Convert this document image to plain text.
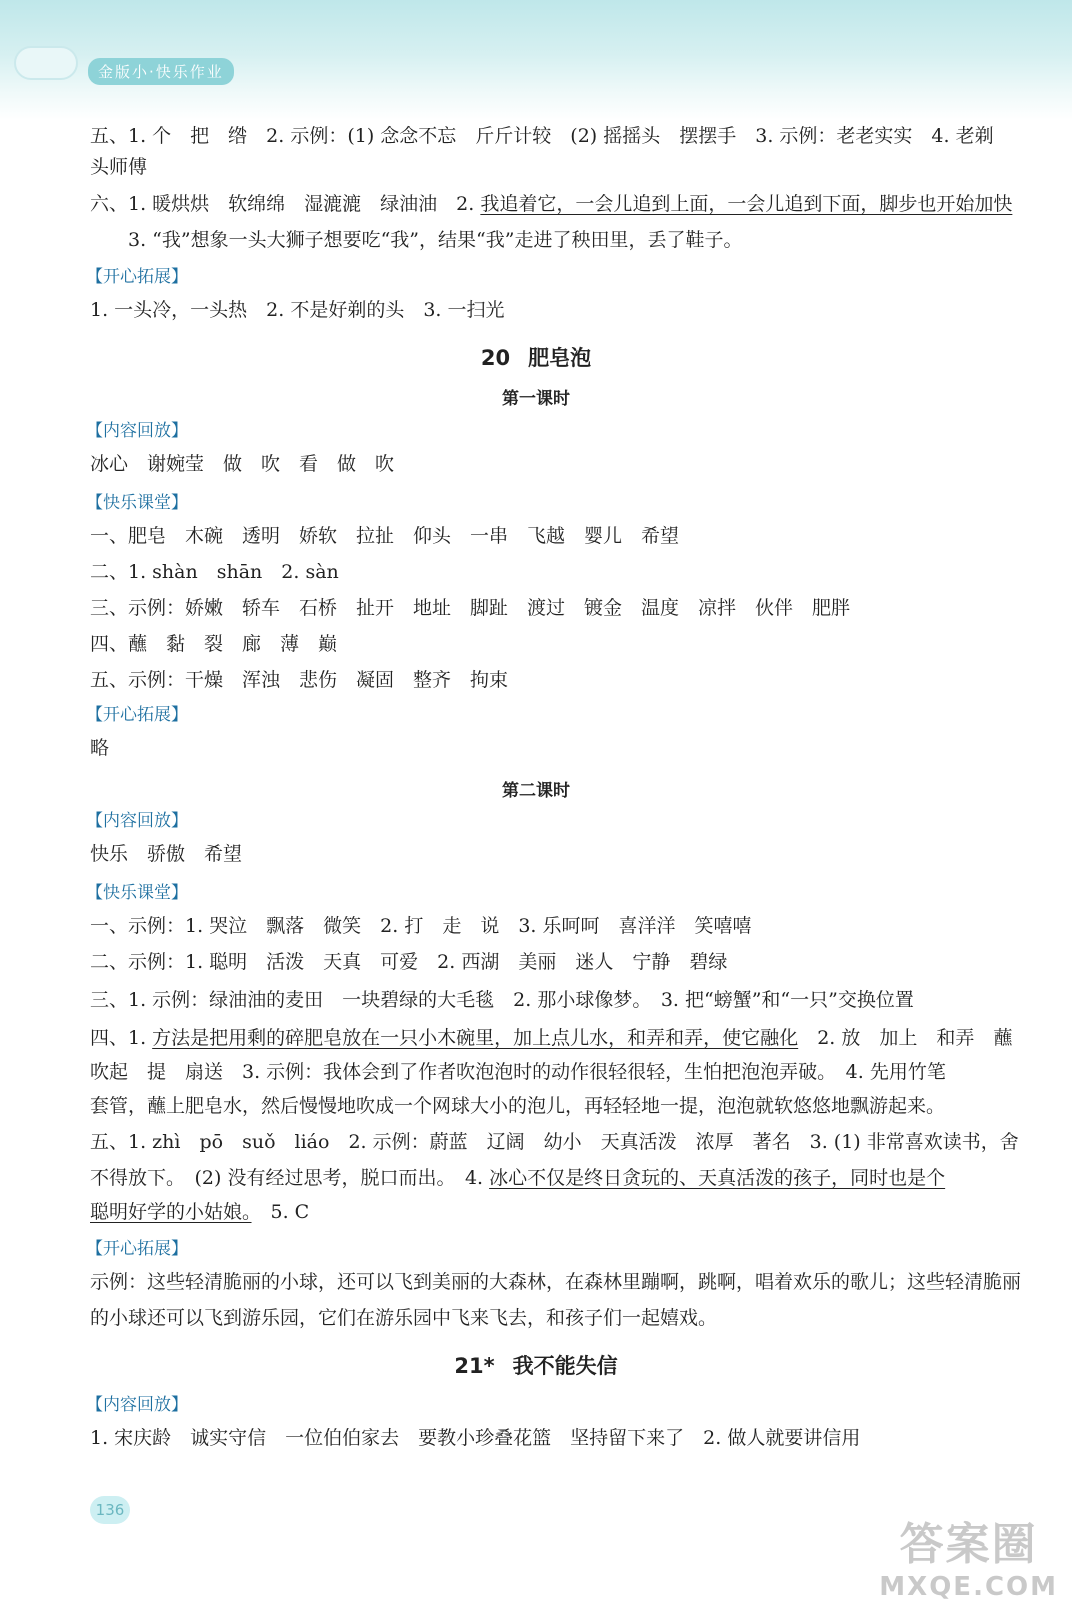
金版小·快乐作业
五、1. 个　把　绺　2. 示例：(1) 念念不忘　斤斤计较　(2) 摇摇头　摆摆手　3. 示例：老老实实　4. 老剃
头师傅
六、1. 暖烘烘　软绵绵　湿漉漉　绿油油　2. 我追着它，一会儿追到上面，一会儿追到下面，脚步也开始加快
3. “我”想象一头大狮子想要吃“我”，结果“我”走进了秧田里，丢了鞋子。
【开心拓展】
1. 一头冷，一头热　2. 不是好剃的头　3. 一扫光
20 肥皂泡
第一课时
【内容回放】
冰心　谢婉莹　做　吹　看　做　吹
【快乐课堂】
一、肥皂　木碗　透明　娇软　拉扯　仰头　一串　飞越　婴儿　希望
二、1. shàn　shān　2. sàn
三、示例：娇嫩　轿车　石桥　扯开　地址　脚趾　渡过　镀金　温度　凉拌　伙伴　肥胖
四、蘸　黏　裂　廊　薄　巅
五、示例：干燥　浑浊　悲伤　凝固　整齐　拘束
【开心拓展】
略
第二课时
【内容回放】
快乐　骄傲　希望
【快乐课堂】
一、示例：1. 哭泣　飘落　微笑　2. 打　走　说　3. 乐呵呵　喜洋洋　笑嘻嘻
二、示例：1. 聪明　活泼　天真　可爱　2. 西湖　美丽　迷人　宁静　碧绿
三、1. 示例：绿油油的麦田　一块碧绿的大毛毯　2. 那小球像梦。　3. 把“螃蟹”和“一只”交换位置
四、1. 方法是把用剩的碎肥皂放在一只小木碗里，加上点儿水，和弄和弄，使它融化　2. 放　加上　和弄　蘸
吹起　提　扇送　3. 示例：我体会到了作者吹泡泡时的动作很轻很轻，生怕把泡泡弄破。　4. 先用竹笔
套管，蘸上肥皂水，然后慢慢地吹成一个网球大小的泡儿，再轻轻地一提，泡泡就软悠悠地飘游起来。
五、1. zhì　pō　suǒ　liáo　2. 示例：蔚蓝　辽阔　幼小　天真活泼　浓厚　著名　3. (1) 非常喜欢读书，舍
不得放下。　(2) 没有经过思考，脱口而出。　4. 冰心不仅是终日贪玩的、天真活泼的孩子，同时也是个
聪明好学的小姑娘。　5. C
【开心拓展】
示例：这些轻清脆丽的小球，还可以飞到美丽的大森林，在森林里蹦啊，跳啊，唱着欢乐的歌儿；这些轻清脆丽
的小球还可以飞到游乐园，它们在游乐园中飞来飞去，和孩子们一起嬉戏。
21* 我不能失信
【内容回放】
1. 宋庆龄　诚实守信　一位伯伯家去　要教小珍叠花篮　坚持留下来了　2. 做人就要讲信用
136
答案圈
MXQE.COM
